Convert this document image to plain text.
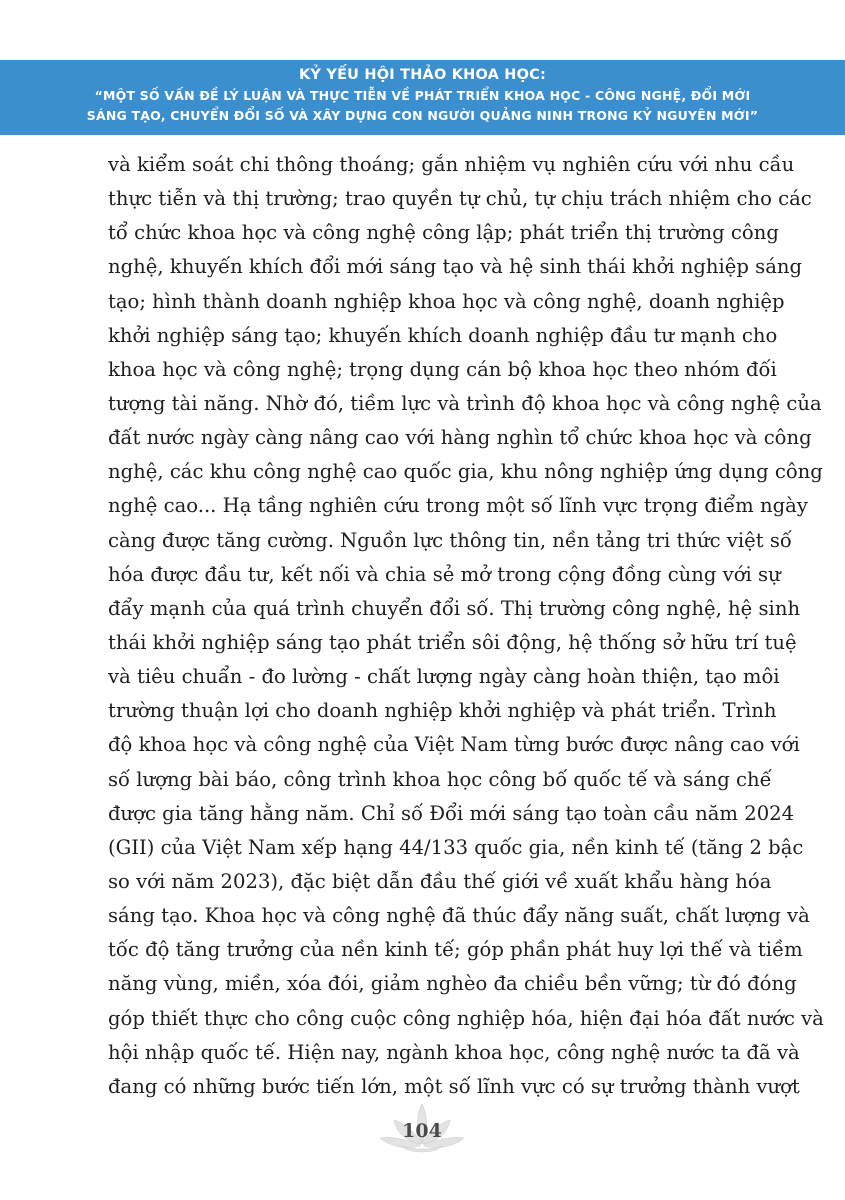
KỶ YẾU HỘI THẢO KHOA HỌC:
“MỘT SỐ VẤN ĐỀ LÝ LUẬN VÀ THỰC TIỄN VỀ PHÁT TRIỂN KHOA HỌC - CÔNG NGHỆ, ĐỔI MỚI
SÁNG TẠO, CHUYỂN ĐỔI SỐ VÀ XÂY DỰNG CON NGƯỜI QUẢNG NINH TRONG KỶ NGUYÊN MỚI”
và kiểm soát chi thông thoáng; gắn nhiệm vụ nghiên cứu với nhu cầu
thực tiễn và thị trường; trao quyền tự chủ, tự chịu trách nhiệm cho các
tổ chức khoa học và công nghệ công lập; phát triển thị trường công
nghệ, khuyến khích đổi mới sáng tạo và hệ sinh thái khởi nghiệp sáng
tạo; hình thành doanh nghiệp khoa học và công nghệ, doanh nghiệp
khởi nghiệp sáng tạo; khuyến khích doanh nghiệp đầu tư mạnh cho
khoa học và công nghệ; trọng dụng cán bộ khoa học theo nhóm đối
tượng tài năng. Nhờ đó, tiềm lực và trình độ khoa học và công nghệ của
đất nước ngày càng nâng cao với hàng nghìn tổ chức khoa học và công
nghệ, các khu công nghệ cao quốc gia, khu nông nghiệp ứng dụng công
nghệ cao... Hạ tầng nghiên cứu trong một số lĩnh vực trọng điểm ngày
càng được tăng cường. Nguồn lực thông tin, nền tảng tri thức việt số
hóa được đầu tư, kết nối và chia sẻ mở trong cộng đồng cùng với sự
đẩy mạnh của quá trình chuyển đổi số. Thị trường công nghệ, hệ sinh
thái khởi nghiệp sáng tạo phát triển sôi động, hệ thống sở hữu trí tuệ
và tiêu chuẩn - đo lường - chất lượng ngày càng hoàn thiện, tạo môi
trường thuận lợi cho doanh nghiệp khởi nghiệp và phát triển. Trình
độ khoa học và công nghệ của Việt Nam từng bước được nâng cao với
số lượng bài báo, công trình khoa học công bố quốc tế và sáng chế
được gia tăng hằng năm. Chỉ số Đổi mới sáng tạo toàn cầu năm 2024
(GII) của Việt Nam xếp hạng 44/133 quốc gia, nền kinh tế (tăng 2 bậc
so với năm 2023), đặc biệt dẫn đầu thế giới về xuất khẩu hàng hóa
sáng tạo. Khoa học và công nghệ đã thúc đẩy năng suất, chất lượng và
tốc độ tăng trưởng của nền kinh tế; góp phần phát huy lợi thế và tiềm
năng vùng, miền, xóa đói, giảm nghèo đa chiều bền vững; từ đó đóng
góp thiết thực cho công cuộc công nghiệp hóa, hiện đại hóa đất nước và
hội nhập quốc tế. Hiện nay, ngành khoa học, công nghệ nước ta đã và
đang có những bước tiến lớn, một số lĩnh vực có sự trưởng thành vượt
104
